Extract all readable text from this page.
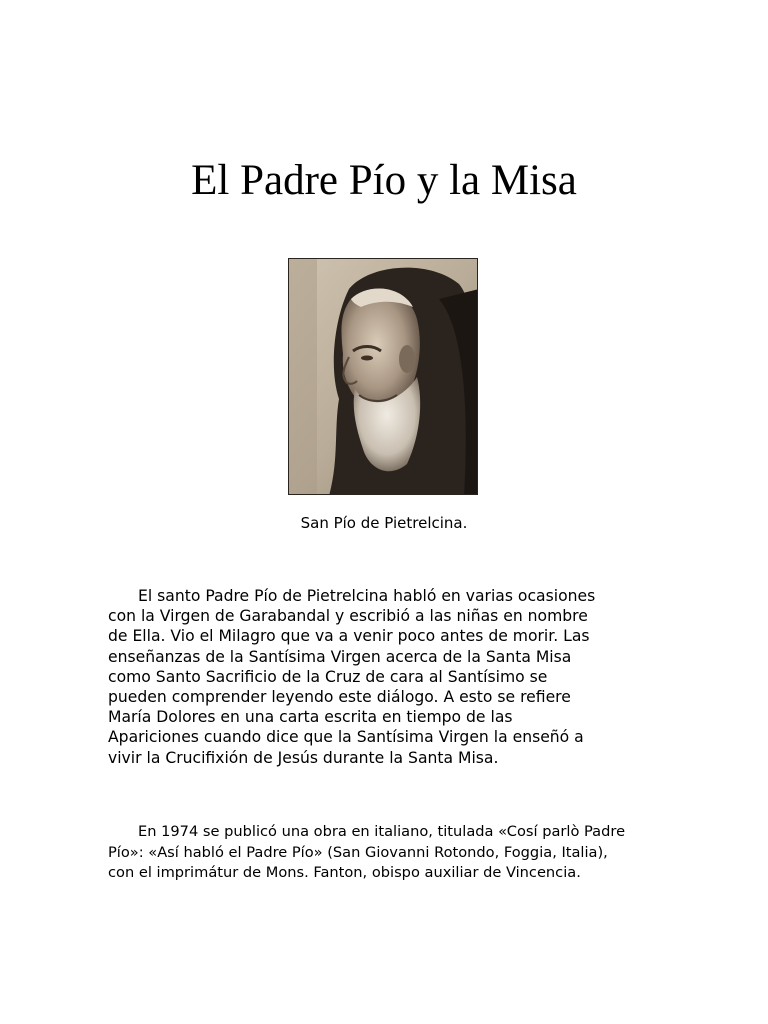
El Padre Pío y la Misa
San Pío de Pietrelcina.

El santo Padre Pío de Pietrelcina habló en varias ocasiones
con la Virgen de Garabandal y escribió a las niñas en nombre
de Ella. Vio el Milagro que va a venir poco antes de morir. Las
enseñanzas de la Santísima Virgen acerca de la Santa Misa
como Santo Sacrificio de la Cruz de cara al Santísimo se
pueden comprender leyendo este diálogo. A esto se refiere
María Dolores en una carta escrita en tiempo de las
Apariciones cuando dice que la Santísima Virgen la enseñó a
vivir la Crucifixión de Jesús durante la Santa Misa.

En 1974 se publicó una obra en italiano, titulada «Cosí parlò Padre
Pío»: «Así habló el Padre Pío» (San Giovanni Rotondo, Foggia, Italia),
con el imprimátur de Mons. Fanton, obispo auxiliar de Vincencia.
